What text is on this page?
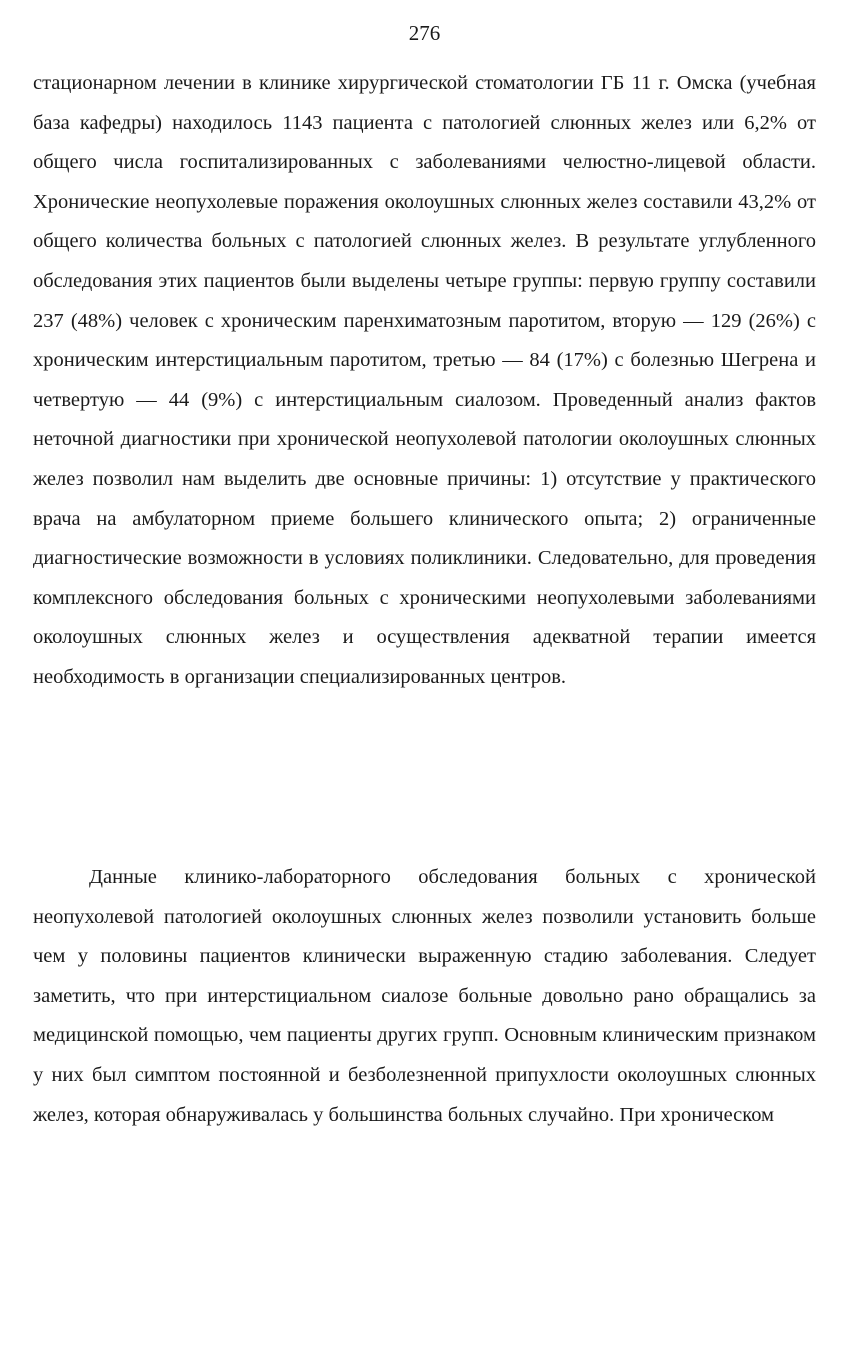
276

стационарном лечении в клинике хирургической стоматологии ГБ 11 г. Омска (учебная база кафедры) находилось 1143 пациента с патологией слюнных желез или 6,2% от общего числа госпитализированных с заболеваниями челюстно-лицевой области. Хронические неопухолевые поражения околоушных слюнных желез составили 43,2% от общего количества больных с патологией слюнных желез. В результате углубленного обследования этих пациентов были выделены четыре группы: первую группу составили 237 (48%) человек с хроническим паренхиматозным паротитом, вторую — 129 (26%) с хроническим интерстициальным паротитом, третью — 84 (17%) с болезнью Шегрена и четвертую — 44 (9%) с интерстициальным сиалозом. Проведенный анализ фактов неточной диагностики при хронической неопухолевой патологии околоушных слюнных желез позволил нам выделить две основные причины: 1) отсутствие у практического врача на амбулаторном приеме большего клинического опыта; 2) ограниченные диагностические возможности в условиях поликлиники. Следовательно, для проведения комплексного обследования больных с хроническими неопухолевыми заболеваниями околоушных слюнных желез и осуществления адекватной терапии имеется необходимость в организации специализированных центров.

Данные клинико-лабораторного обследования больных с хронической неопухолевой патологией околоушных слюнных желез позволили установить больше чем у половины пациентов клинически выраженную стадию заболевания. Следует заметить, что при интерстициальном сиалозе больные довольно рано обращались за медицинской помощью, чем пациенты других групп. Основным клиническим признаком у них был симптом постоянной и безболезненной припухлости околоушных слюнных желез, которая обнаруживалась у большинства больных случайно. При хроническом
